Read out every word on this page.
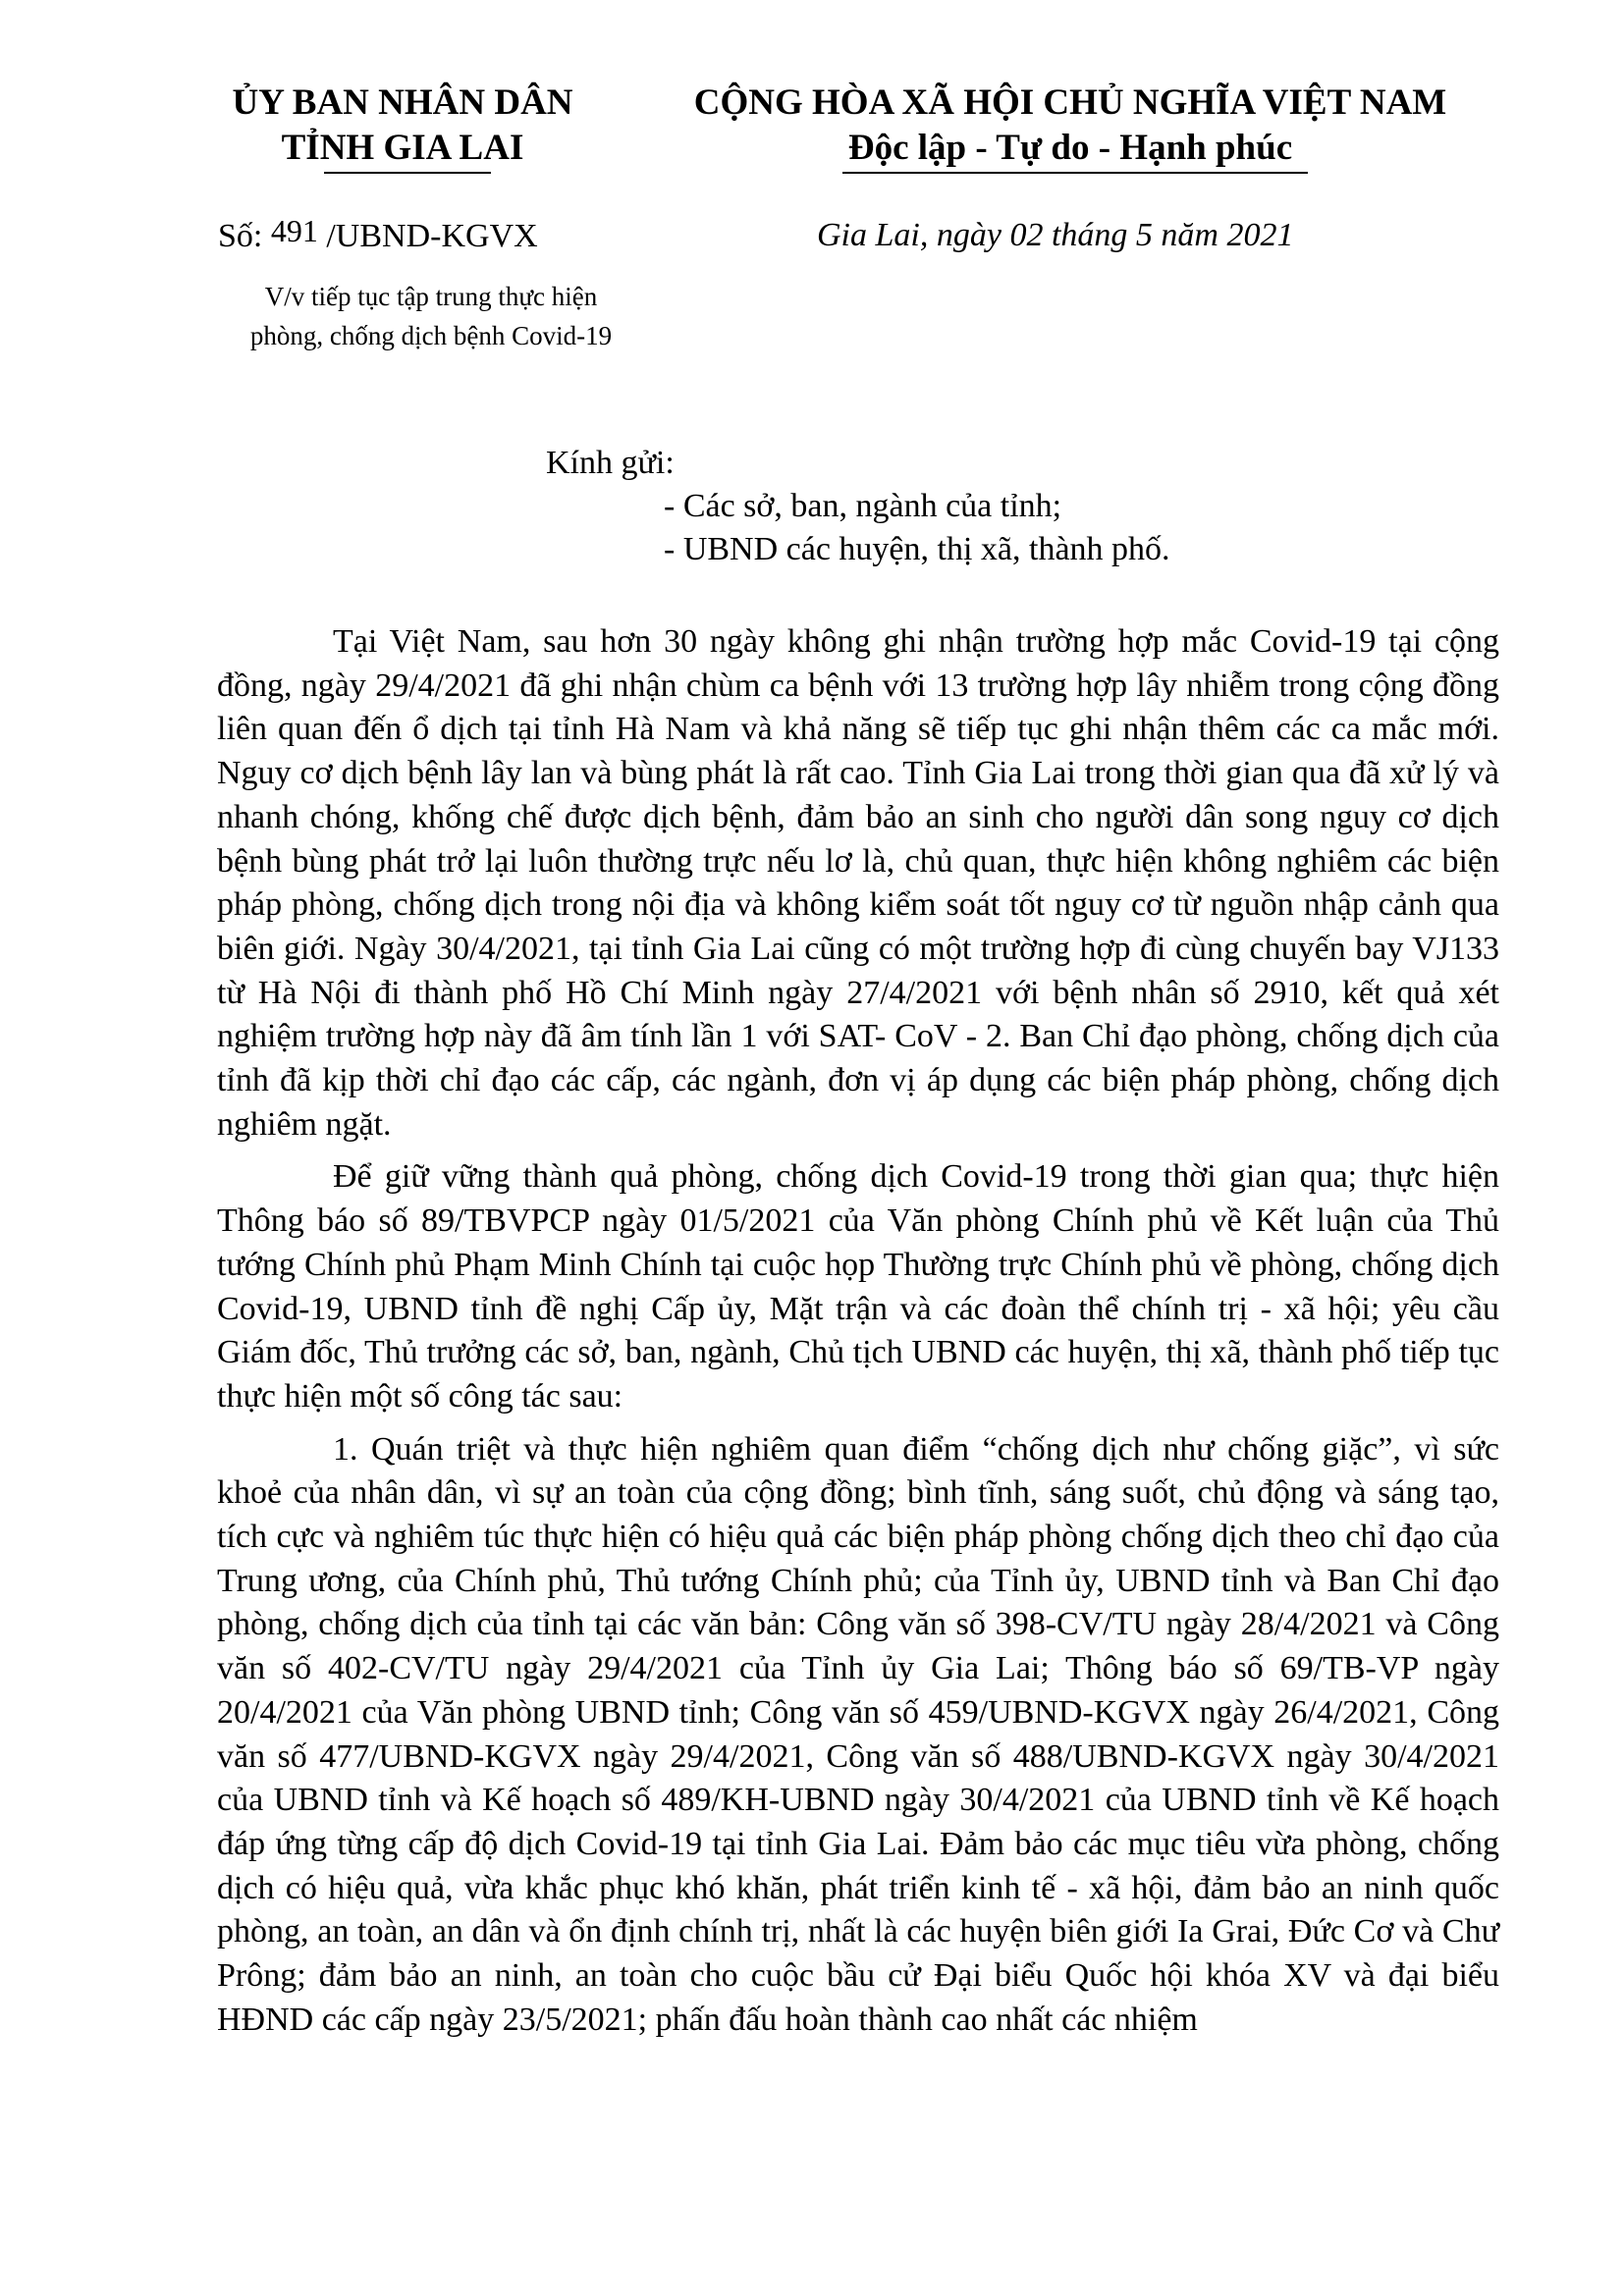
ỦY BAN NHÂN DÂN
TỈNH GIA LAI
CỘNG HÒA XÃ HỘI CHỦ NGHĨA VIỆT NAM
Độc lập - Tự do - Hạnh phúc
Số: 491 /UBND-KGVX	Gia Lai, ngày 02 tháng 5 năm 2021
V/v tiếp tục tập trung thực hiện
phòng, chống dịch bệnh Covid-19
Kính gửi:
- Các sở, ban, ngành của tỉnh;
- UBND các huyện, thị xã, thành phố.

Tại Việt Nam, sau hơn 30 ngày không ghi nhận trường hợp mắc Covid-19 tại cộng đồng, ngày 29/4/2021 đã ghi nhận chùm ca bệnh với 13 trường hợp lây nhiễm trong cộng đồng liên quan đến ổ dịch tại tỉnh Hà Nam và khả năng sẽ tiếp tục ghi nhận thêm các ca mắc mới. Nguy cơ dịch bệnh lây lan và bùng phát là rất cao. Tỉnh Gia Lai trong thời gian qua đã xử lý và nhanh chóng, khống chế được dịch bệnh, đảm bảo an sinh cho người dân song nguy cơ dịch bệnh bùng phát trở lại luôn thường trực nếu lơ là, chủ quan, thực hiện không nghiêm các biện pháp phòng, chống dịch trong nội địa và không kiểm soát tốt nguy cơ từ nguồn nhập cảnh qua biên giới. Ngày 30/4/2021, tại tỉnh Gia Lai cũng có một trường hợp đi cùng chuyến bay VJ133 từ Hà Nội đi thành phố Hồ Chí Minh ngày 27/4/2021 với bệnh nhân số 2910, kết quả xét nghiệm trường hợp này đã âm tính lần 1 với SAT- CoV - 2. Ban Chỉ đạo phòng, chống dịch của tỉnh đã kịp thời chỉ đạo các cấp, các ngành, đơn vị áp dụng các biện pháp phòng, chống dịch nghiêm ngặt.

Để giữ vững thành quả phòng, chống dịch Covid-19 trong thời gian qua; thực hiện Thông báo số 89/TBVPCP ngày 01/5/2021 của Văn phòng Chính phủ về Kết luận của Thủ tướng Chính phủ Phạm Minh Chính tại cuộc họp Thường trực Chính phủ về phòng, chống dịch Covid-19, UBND tỉnh đề nghị Cấp ủy, Mặt trận và các đoàn thể chính trị - xã hội; yêu cầu Giám đốc, Thủ trưởng các sở, ban, ngành, Chủ tịch UBND các huyện, thị xã, thành phố tiếp tục thực hiện một số công tác sau:

1. Quán triệt và thực hiện nghiêm quan điểm “chống dịch như chống giặc”, vì sức khoẻ của nhân dân, vì sự an toàn của cộng đồng; bình tĩnh, sáng suốt, chủ động và sáng tạo, tích cực và nghiêm túc thực hiện có hiệu quả các biện pháp phòng chống dịch theo chỉ đạo của Trung ương, của Chính phủ, Thủ tướng Chính phủ; của Tỉnh ủy, UBND tỉnh và Ban Chỉ đạo phòng, chống dịch của tỉnh tại các văn bản: Công văn số 398-CV/TU ngày 28/4/2021 và Công văn số 402-CV/TU ngày 29/4/2021 của Tỉnh ủy Gia Lai; Thông báo số 69/TB-VP ngày 20/4/2021 của Văn phòng UBND tỉnh; Công văn số 459/UBND-KGVX ngày 26/4/2021, Công văn số 477/UBND-KGVX ngày 29/4/2021, Công văn số 488/UBND-KGVX ngày 30/4/2021 của UBND tỉnh và Kế hoạch số 489/KH-UBND ngày 30/4/2021 của UBND tỉnh về Kế hoạch đáp ứng từng cấp độ dịch Covid-19 tại tỉnh Gia Lai. Đảm bảo các mục tiêu vừa phòng, chống dịch có hiệu quả, vừa khắc phục khó khăn, phát triển kinh tế - xã hội, đảm bảo an ninh quốc phòng, an toàn, an dân và ổn định chính trị, nhất là các huyện biên giới Ia Grai, Đức Cơ và Chư Prông; đảm bảo an ninh, an toàn cho cuộc bầu cử Đại biểu Quốc hội khóa XV và đại biểu HĐND các cấp ngày 23/5/2021; phấn đấu hoàn thành cao nhất các nhiệm
